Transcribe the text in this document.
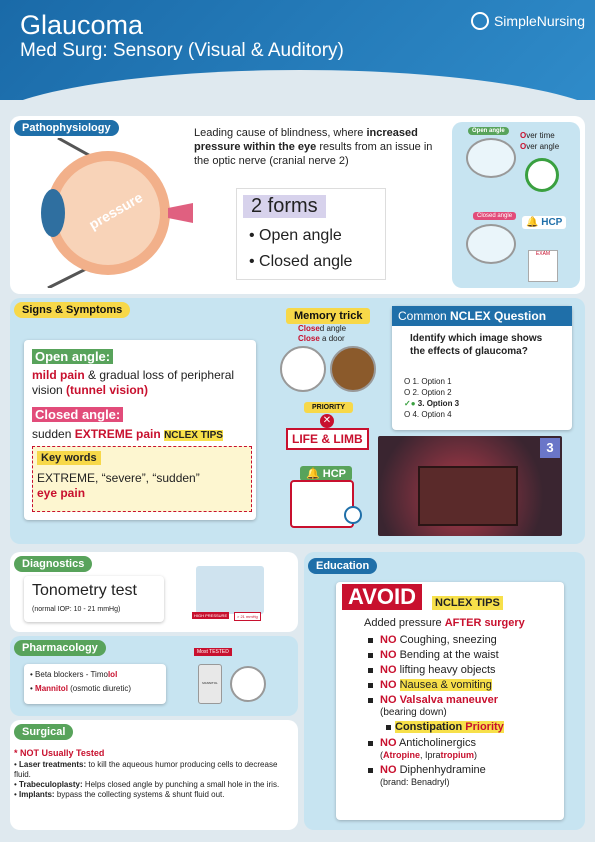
Glaucoma
Med Surg: Sensory (Visual & Auditory)
SimpleNursing
Pathophysiology
pressure
Leading cause of blindness, where increased pressure within the eye results from an issue in the optic nerve (cranial nerve 2)
2 forms
• Open angle
• Closed angle
Open angle	Over time
Over angle
Closed angle
🔔 HCP
EXAM
Signs & Symptoms
Open angle:
mild pain & gradual loss of peripheral vision (tunnel vision)
Closed angle:
sudden EXTREME pain NCLEX TIPS
Key words
EXTREME, “severe”, “sudden”
eye pain
Memory trick
Closed angle
Close a door
PRIORITY
✕
LIFE & LIMB
🔔 HCP
Common NCLEX Question
Identify which image shows the effects of glaucoma?
O 1. Option 1
O 2. Option 2
✓● 3. Option 3
O 4. Option 4
3
Diagnostics
Tonometry test
(normal IOP: 10 - 21 mmHg)
HIGH PRESSURE	> 21 mmHg
Pharmacology
• Beta blockers - Timolol
• Mannitol (osmotic diuretic)
Most TESTED
MANNITOL
Surgical
* NOT Usually Tested
• Laser treatments: to kill the aqueous humor producing cells to decrease fluid.
• Trabeculoplasty: Helps closed angle by punching a small hole in the iris.
• Implants: bypass the collecting systems & shunt fluid out.
Education
AVOID	NCLEX TIPS
Added pressure AFTER surgery
NO Coughing, sneezing
NO Bending at the waist
NO lifting heavy objects
NO Nausea & vomiting
NO Valsalva maneuver
(bearing down)
Constipation Priority
NO Anticholinergics
(Atropine, Ipratropium)
NO Diphenhydramine
(brand: Benadryl)
